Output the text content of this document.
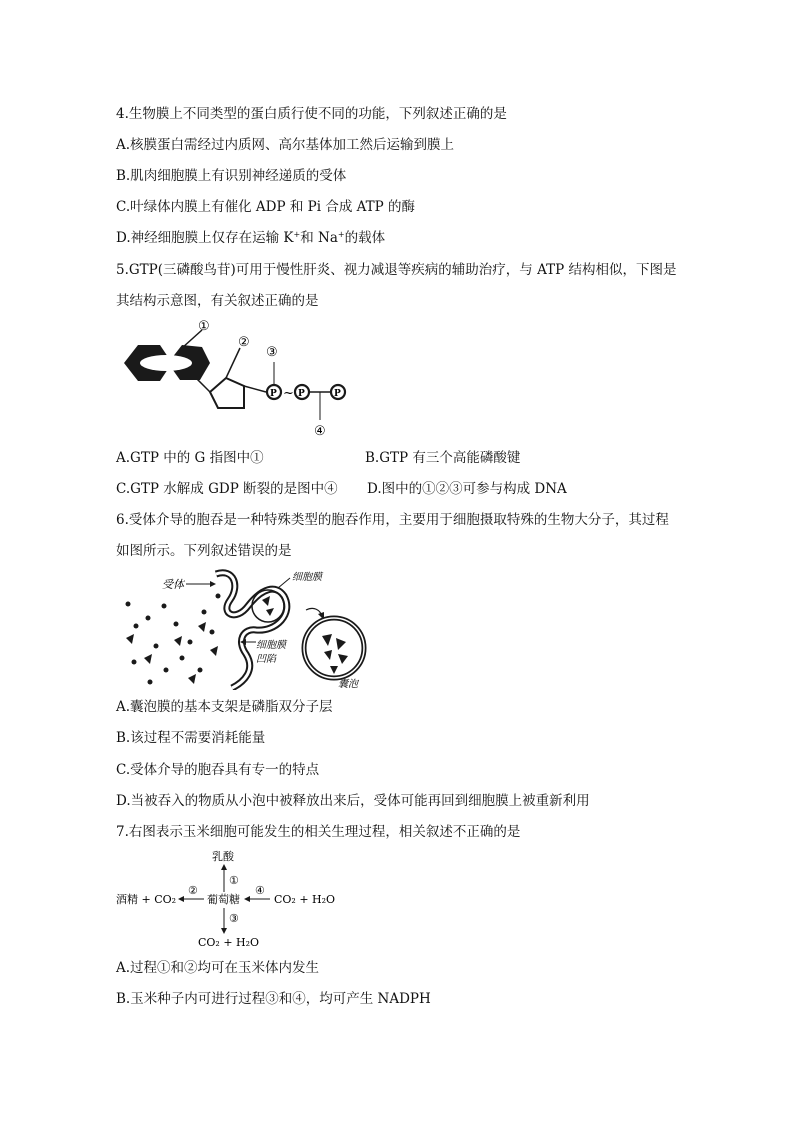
4.生物膜上不同类型的蛋白质行使不同的功能，下列叙述正确的是
A.核膜蛋白需经过内质网、高尔基体加工然后运输到膜上
B.肌肉细胞膜上有识别神经递质的受体
C.叶绿体内膜上有催化 ADP 和 Pi 合成 ATP 的酶
D.神经细胞膜上仅存在运输 K+和 Na+的载体
5.GTP(三磷酸鸟苷)可用于慢性肝炎、视力减退等疾病的辅助治疗，与 ATP 结构相似，下图是
其结构示意图，有关叙述正确的是
①
②
③
P ~ P
④
P
A.GTP 中的 G 指图中①	B.GTP 有三个高能磷酸键
C.GTP 水解成 GDP 断裂的是图中④ D.图中的①②③可参与构成 DNA
6.受体介导的胞吞是一种特殊类型的胞吞作用，主要用于细胞摄取特殊的生物大分子，其过程
如图所示。下列叙述错误的是
受体
细胞膜
细胞膜
凹陷
囊泡
A.囊泡膜的基本支架是磷脂双分子层
B.该过程不需要消耗能量
C.受体介导的胞吞具有专一的特点
D.当被吞入的物质从小泡中被释放出来后，受体可能再回到细胞膜上被重新利用
7.右图表示玉米细胞可能发生的相关生理过程，相关叙述不正确的是
乳酸
①
葡萄糖
酒精 + CO₂
②	④
CO₂ + H₂O
③
CO₂ + H₂O
A.过程①和②均可在玉米体内发生
B.玉米种子内可进行过程③和④，均可产生 NADPH
